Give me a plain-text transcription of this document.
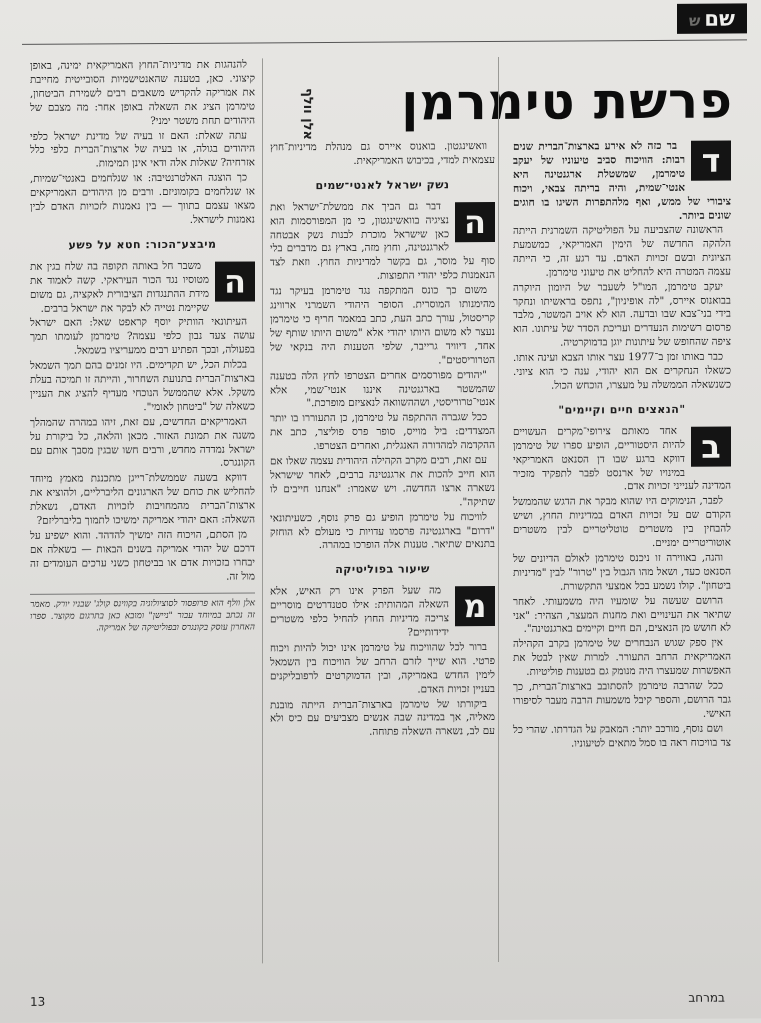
שםש
פרשת טימרמן
אלן וולף
ד

בר כזה לא אירע בארצות־הברית שנים רבות: הוויכוח סביב טיעוניו של יעקב טימרמן, שמשטלת ארגנטינה היא אנטי־שמית, והיה בריתה צבאי, ויכוח ציבורי של ממש, ואף מלהתפרות השיגו בו חוגים שונים ביותר.

הראשונה שהצביעה על הפוליטיקה השמרנית הייתה הלהקה החדשה של הימין האמריקאי, כמשמעת הציונית ובשם זכויות האדם. עד רגע זה, כי הייתה עצמה המטרה היא להחליט את טיעוני טימרמן.

יעקב טימרמן, המו"ל לשעבר של היומון היוקרה בבואנוס איירס, "לה אופיניון", נתפס בראשיתו ונחקר בידי בני־צבא שבו ובדעה. הוא לא אויב המשטר, מלבד פרסום רשימות הנעדרים ועריכת הסדר של עיתונו. הוא ציפה שהחופש של עיתונות יוגן בדמוקרטיה.

כבר באותו זמן ב־1977 עצר אותו הצבא ועינה אותו. כשאלו הנחקרים אם הוא יהודי, ענה כי הוא ציוני. כשנשאלה הממשלה על מעצרו, הוכחש הכול.

"הנאצים חיים וקיימים"
ב

אחד מאותם צירופי־מקרים העשויים להיות היסטוריים, הופיע ספרו של טימרמן דווקא ברגע שבו דן הסנאט האמריקאי במינויו של ארנסט לפבר לתפקיד מזכיר המדינה לענייני זכויות אדם.

לפבר, הנימוקים היו שהוא מבקר את הדגש שהממשל הקודם שם על זכויות האדם במדיניות החוץ, ושיש להבחין בין משטרים טוטליטריים לבין משטרים אוטוריטריים ימניים.

והנה, באווירה זו ניכנס טימרמן לאולם הדיונים של הסנאט כעד, ושאל מהו הגבול בין "טרור" לבין "מדיניות ביטחון". קולו נשמע בכל אמצעי התקשורת.

הרושם שעשה על שומעיו היה משמעותי. לאחר שתיאר את העינויים ואת מחנות המעצר, הצהיר: "אני לא חושש מן הנאצים, הם חיים וקיימים בארגנטינה".

אין ספק שגוש הנבחרים של טימרמן בקרב הקהילה האמריקאית הרחב התעורר. למרות שאין לבטל את האפשרות שמעצרו היה מנומק גם בטענות פוליטיות.

ככל שהרבה טימרמן להסתובב בארצות־הברית, כך גבר הרושם, והספר קיבל משמעות הרבה מעבר לסיפורו האישי.

ושם נוסף, מורכב יותר: המאבק על הגדרתו. שהרי כל צד בוויכוח ראה בו סמל מתאים לטיעוניו.

וואשינגטון. בואנוס איירס גם מנהלת מדיניות־חוץ עצמאית למדי, בכיבוש האמריקאית.

נשק ישראל לאנטי־שמים
ה

דבר גם הביך את ממשלת־ישראל ואת נציגיה בוואשינגטון, כי מן המפורסמות הוא כאן שישראל מוכרת לבנות נשק אבטחה לארגנטינה, וחוץ מזה, בארץ גם מדברים בלי סוף על מוסר, גם בקשר למדיניות החוץ. וזאת לצד הנאמנות כלפי יהודי התפוצות.

משום כך כונס המתקפה נגד טימרמן בעיקר נגד מהימנותו המוסרית. הסופר היהודי השמרני ארווינג קריסטול, עורך כתב העת, כתב במאמר חריף כי טימרמן נעצר לא משום היותו יהודי אלא "משום היותו שותף של אחד, דיוויד גרייבר, שלפי הטענות היה בנקאי של הטרוריסטים".

"יהודים מפורסמים אחרים הצטרפו לחץ הלה בטענה שהמשטר בארגנטינה איננו אנטי־שמי, אלא אנטי־טרוריסטי, ושההשוואה לנאציזם מופרכת."

ככל שגברה ההתקפה על טימרמן, כן התעוררו בו יותר המצדדים: ביל מוייס, סופר פרס פוליצר, כתב את ההקדמה למהדורה האנגלית, ואחרים הצטרפו.

עם זאת, רבים מקרב הקהילה היהודית עצמה שאלו אם הוא חייב להכות את ארגנטינה ברבים, לאחר שישראל נשארה ארצו החדשה. ויש שאמרו: "אנחנו חייבים לו שתיקה".

לוויכוח על טימרמן הופיע גם פרק נוסף, כשעיתונאי "דרום" בארגנטינה פרסמו עדויות כי מעולם לא הוחזק בתנאים שתיאר. טענות אלה הופרכו במהרה.

שיעור בפוליטיקה
מ

מה שעל הפרק אינו רק האיש, אלא השאלה המהותית: אילו סטנדרטים מוסריים צריכה מדיניות החוץ להחיל כלפי משטרים ידידותיים?

ברור לכל שהוויכוח על טימרמן אינו יכול להיות ויכוח פרטי. הוא שייך לזרם הרחב של הוויכוח בין השמאל לימין החדש באמריקה, ובין הדמוקרטים לרפובליקנים בעניין זכויות האדם.

ביקורתו של טימרמן בארצות־הברית הייתה מובנת מאליה, אך במדינה שבה אנשים מצביעים עם כיס ולא עם לב, נשארה השאלה פתוחה.

להנהגות את מדיניות־החוץ האמריקאית ימינה, באופן קיצוני. כאן, בטענה שהאנטישמיות הסובייטית מחייבת את אמריקה להקדיש משאבים רבים לשמירת הביטחון, טימרמן הציג את השאלה באופן אחר: מה מצבם של היהודים תחת משטר ימני?

עתה שאלת: האם זו בעיה של מדינת ישראל כלפי היהודים בגולה, או בעיה של ארצות־הברית כלפי כלל אזרחיה? שאלות אלה ודאי אינן תמימות.

כך הוצגה האלטרנטיבה: או שנלחמים באנטי־שמיות, או שנלחמים בקומוניזם. ורבים מן היהודים האמריקאים מצאו עצמם בתווך — בין נאמנות לזכויות האדם לבין נאמנות לישראל.

מיבצע־הכור: חטא על פשע
ה

משבר חל באותה תקופה בה שלח בגין את מטוסיו נגד הכור העיראקי. קשה לאמוד את מידת ההתנגדות הציבורית לאקציה, גם משום שקיימת נטייה לא לבקר את ישראל ברבים.

העיתונאי הוותיק יוסף קראפט שאל: האם ישראל עושה צעד נבון כלפי עצמה? טימרמן לעומתו תמך בפעולה, ובכך הפתיע רבים ממעריציו בשמאל.

בכלות הכל, יש תקדימים. היו זמנים בהם תמך השמאל בארצות־הברית בתנועת השחרור, והייתה זו תמיכה בעלת משקל. אלא שהממשל הנוכחי מעדיף להציג את העניין כשאלה של "ביטחון לאומי".

האמריקאים החדשים, עם זאת, זיהו במהרה שהמהלך משנה את תמונת האזור. מכאן והלאה, כל ביקורת על ישראל נמדדה מחדש, ורבים חשו שבגין מסבך אותם עם הקונגרס.

דווקא בשעה שממשלת־רייגן מתכננת מאמץ מיוחד להחליש את כוחם של הארגונים הליברליים, ולהוציא את ארצות־הברית מהמחויבות לזכויות האדם, נשאלת השאלה: האם יהודי אמריקה ימשיכו לתמוך בליברליזם?

מן הסתם, הויכוח הזה ימשיך להדהד. והוא ישפיע על דרכם של יהודי אמריקה בשנים הבאות — בשאלה אם יבחרו בזכויות אדם או בביטחון כשני ערכים העומדים זה מול זה.

אלן וולף הוא פרופסור לסוציולוגיה בקווינס קולג' שבניו יורק. מאמר זה נכתב במיוחד עבור "ניישן" ומובא כאן בתרגום מקוצר. ספרו האחרון עוסק בקונגרס ובפוליטיקה של אמריקה.
13	במרחב
